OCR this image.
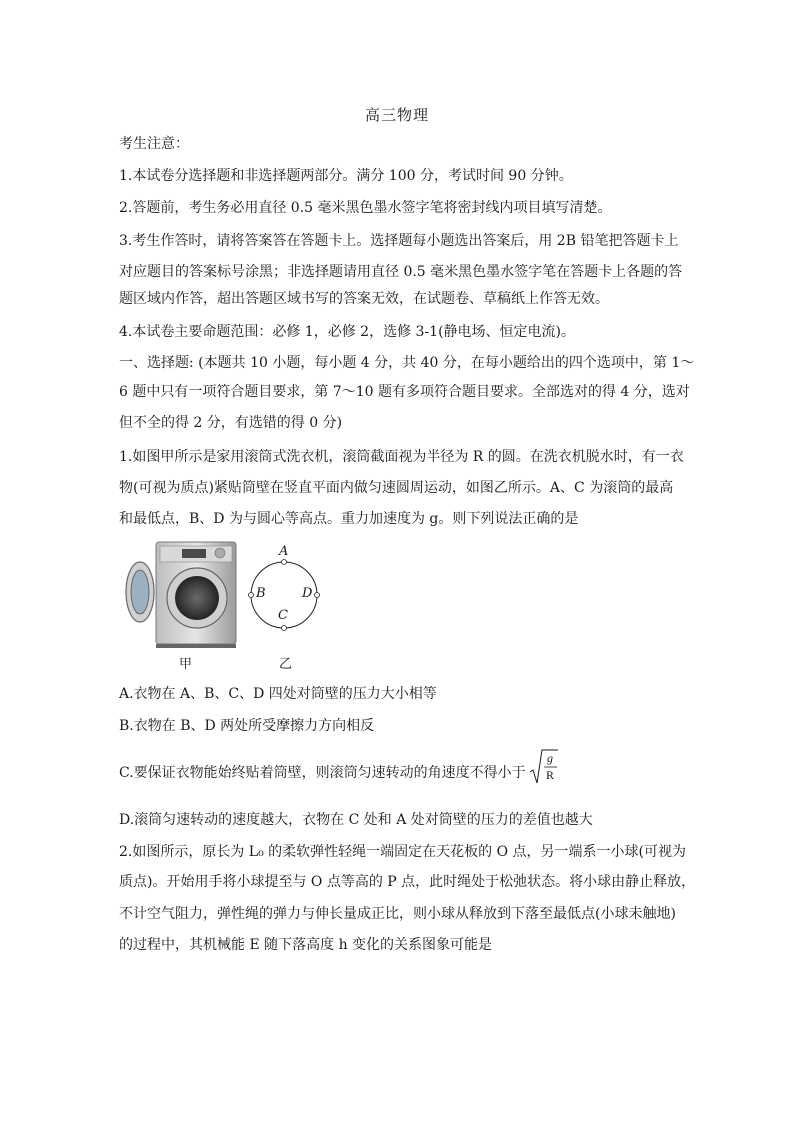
高三物理
考生注意：
1.本试卷分选择题和非选择题两部分。满分 100 分，考试时间 90 分钟。
2.答题前，考生务必用直径 0.5 毫米黑色墨水签字笔将密封线内项目填写清楚。
3.考生作答时，请将答案答在答题卡上。选择题每小题选出答案后，用 2B 铅笔把答题卡上
对应题目的答案标号涂黑；非选择题请用直径 0.5 毫米黑色墨水签字笔在答题卡上各题的答
题区域内作答，超出答题区域书写的答案无效，在试题卷、草稿纸上作答无效。
4.本试卷主要命题范围：必修 1，必修 2，选修 3-1(静电场、恒定电流)。
一、选择题: (本题共 10 小题，每小题 4 分，共 40 分，在每小题给出的四个选项中，第 1～
6 题中只有一项符合题目要求，第 7～10 题有多项符合题目要求。全部选对的得 4 分，选对
但不全的得 2 分，有选错的得 0 分)
1.如图甲所示是家用滚筒式洗衣机，滚筒截面视为半径为 R 的圆。在洗衣机脱水时，有一衣
物(可视为质点)紧贴筒壁在竖直平面内做匀速圆周运动，如图乙所示。A、C 为滚筒的最高
和最低点，B、D 为与圆心等高点。重力加速度为 g。则下列说法正确的是
A
B	D
C
甲	乙
A.衣物在 A、B、C、D 四处对筒壁的压力大小相等
B.衣物在 B、D 两处所受摩擦力方向相反
C.要保证衣物能始终贴着筒壁，则滚筒匀速转动的角速度不得小于
g
R
D.滚筒匀速转动的速度越大，衣物在 C 处和 A 处对筒壁的压力的差值也越大
2.如图所示，原长为 L₀ 的柔软弹性轻绳一端固定在天花板的 O 点，另一端系一小球(可视为
质点)。开始用手将小球提至与 O 点等高的 P 点，此时绳处于松弛状态。将小球由静止释放，
不计空气阻力，弹性绳的弹力与伸长量成正比，则小球从释放到下落至最低点(小球未触地)
的过程中，其机械能 E 随下落高度 h 变化的关系图象可能是
